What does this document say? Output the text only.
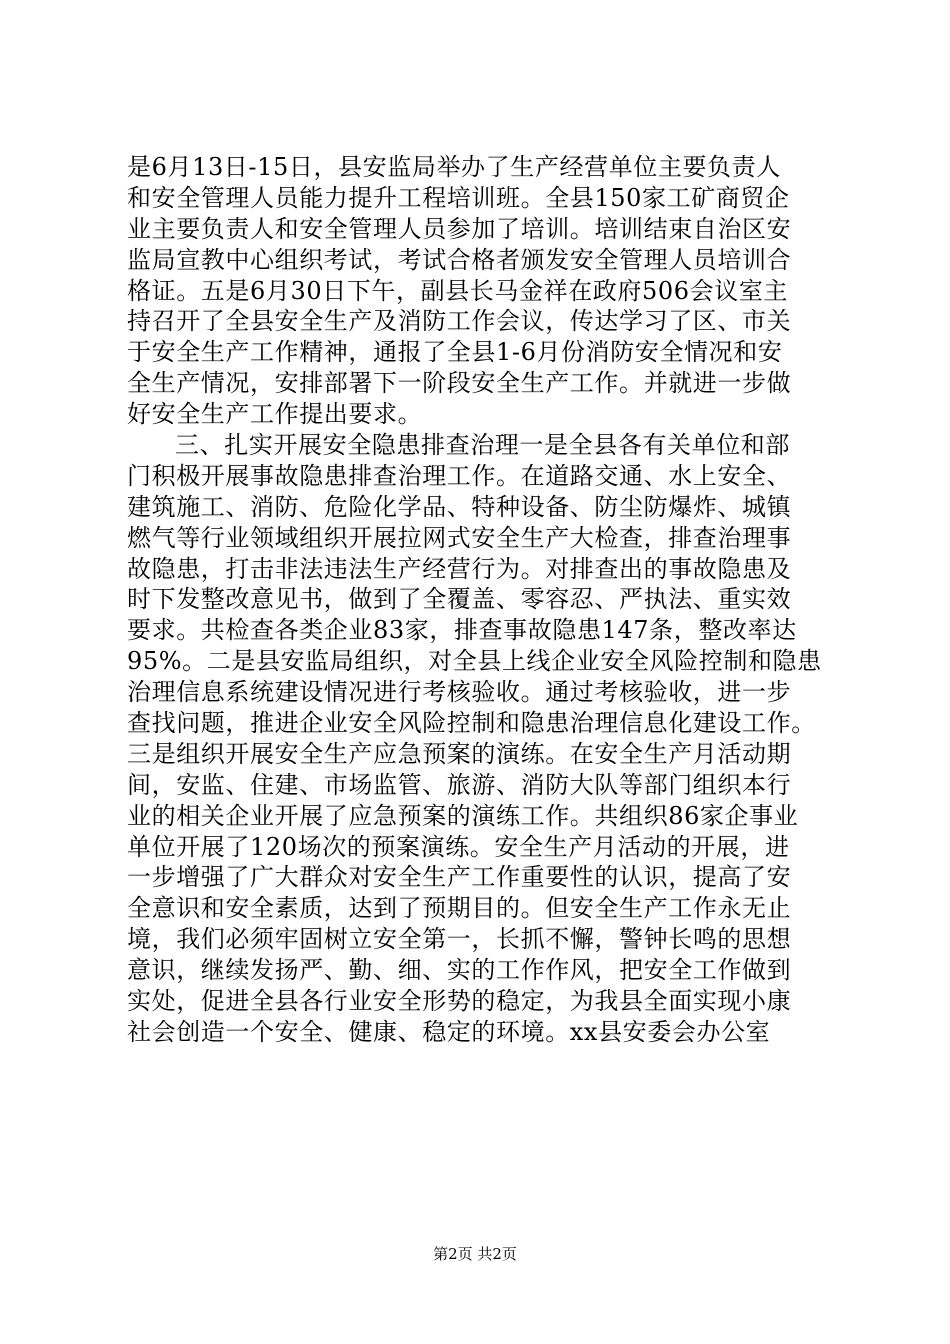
是6月13日-15日，县安监局举办了生产经营单位主要负责人
和安全管理人员能力提升工程培训班。全县150家工矿商贸企
业主要负责人和安全管理人员参加了培训。培训结束自治区安
监局宣教中心组织考试，考试合格者颁发安全管理人员培训合
格证。五是6月30日下午，副县长马金祥在政府506会议室主
持召开了全县安全生产及消防工作会议，传达学习了区、市关
于安全生产工作精神，通报了全县1-6月份消防安全情况和安
全生产情况，安排部署下一阶段安全生产工作。并就进一步做
好安全生产工作提出要求。
三、扎实开展安全隐患排查治理一是全县各有关单位和部
门积极开展事故隐患排查治理工作。在道路交通、水上安全、
建筑施工、消防、危险化学品、特种设备、防尘防爆炸、城镇
燃气等行业领域组织开展拉网式安全生产大检查，排查治理事
故隐患，打击非法违法生产经营行为。对排查出的事故隐患及
时下发整改意见书，做到了全覆盖、零容忍、严执法、重实效
要求。共检查各类企业83家，排查事故隐患147条，整改率达
95%。二是县安监局组织，对全县上线企业安全风险控制和隐患
治理信息系统建设情况进行考核验收。通过考核验收，进一步
查找问题，推进企业安全风险控制和隐患治理信息化建设工作。
三是组织开展安全生产应急预案的演练。在安全生产月活动期
间，安监、住建、市场监管、旅游、消防大队等部门组织本行
业的相关企业开展了应急预案的演练工作。共组织86家企事业
单位开展了120场次的预案演练。安全生产月活动的开展，进
一步增强了广大群众对安全生产工作重要性的认识，提高了安
全意识和安全素质，达到了预期目的。但安全生产工作永无止
境，我们必须牢固树立安全第一，长抓不懈，警钟长鸣的思想
意识，继续发扬严、勤、细、实的工作作风，把安全工作做到
实处，促进全县各行业安全形势的稳定，为我县全面实现小康
社会创造一个安全、健康、稳定的环境。xx县安委会办公室
第2页 共2页
